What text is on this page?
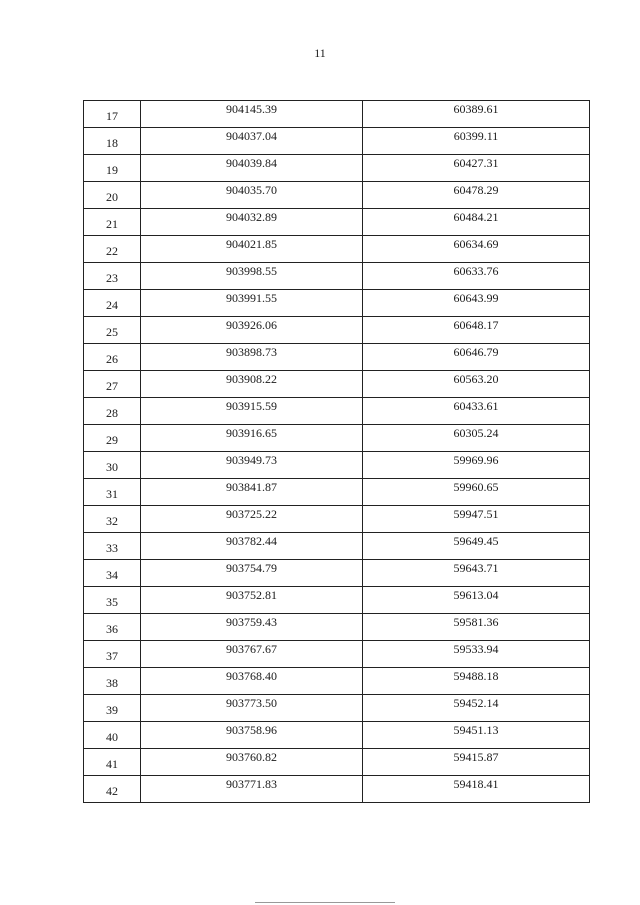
11
17	904145.39	60389.61
18	904037.04	60399.11
19	904039.84	60427.31
20	904035.70	60478.29
21	904032.89	60484.21
22	904021.85	60634.69
23	903998.55	60633.76
24	903991.55	60643.99
25	903926.06	60648.17
26	903898.73	60646.79
27	903908.22	60563.20
28	903915.59	60433.61
29	903916.65	60305.24
30	903949.73	59969.96
31	903841.87	59960.65
32	903725.22	59947.51
33	903782.44	59649.45
34	903754.79	59643.71
35	903752.81	59613.04
36	903759.43	59581.36
37	903767.67	59533.94
38	903768.40	59488.18
39	903773.50	59452.14
40	903758.96	59451.13
41	903760.82	59415.87
42	903771.83	59418.41
